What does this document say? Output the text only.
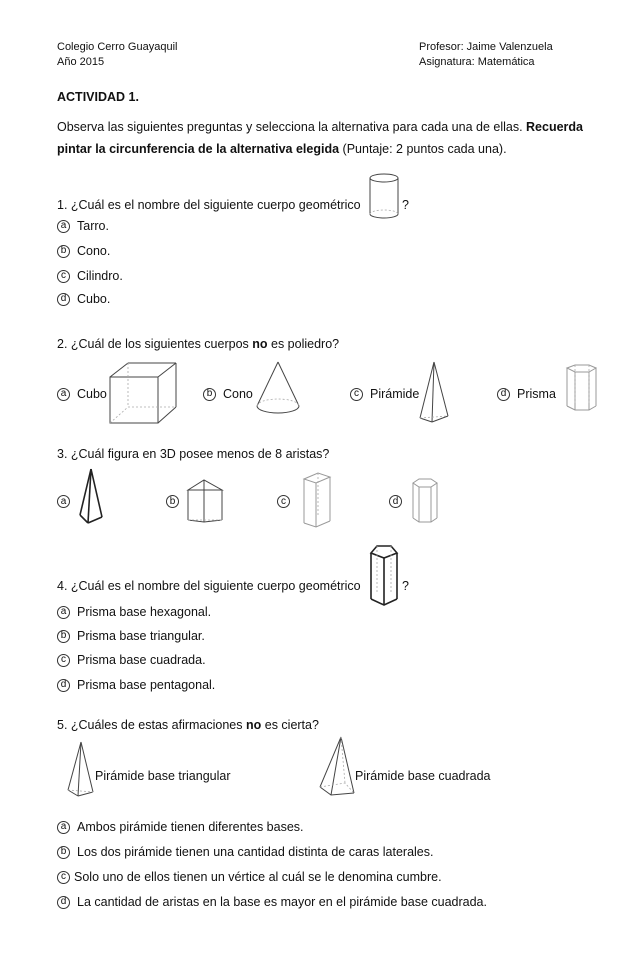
Colegio Cerro Guayaquil
Año 2015
Profesor: Jaime Valenzuela
Asignatura: Matemática
ACTIVIDAD 1.
Observa las siguientes preguntas y selecciona la alternativa para cada una de ellas. Recuerda pintar la circunferencia de la alternativa elegida (Puntaje: 2 puntos cada una).
1. ¿Cuál es el nombre del siguiente cuerpo geométrico	?
a Tarro.
b Cono.
c Cilindro.
d Cubo.
2. ¿Cuál de los siguientes cuerpos no es poliedro?
a Cubo	b Cono	c Pirámide	d Prisma
3. ¿Cuál figura en 3D posee menos de 8 aristas?
a	b	c	d
4. ¿Cuál es el nombre del siguiente cuerpo geométrico	?
a Prisma base hexagonal.
b Prisma base triangular.
c Prisma base cuadrada.
d Prisma base pentagonal.
5. ¿Cuáles de estas afirmaciones no es cierta?
Pirámide base triangular	Pirámide base cuadrada
a Ambos pirámide tienen diferentes bases.
b Los dos pirámide tienen una cantidad distinta de caras laterales.
c Solo uno de ellos tienen un vértice al cuál se le denomina cumbre.
d La cantidad de aristas en la base es mayor en el pirámide base cuadrada.
